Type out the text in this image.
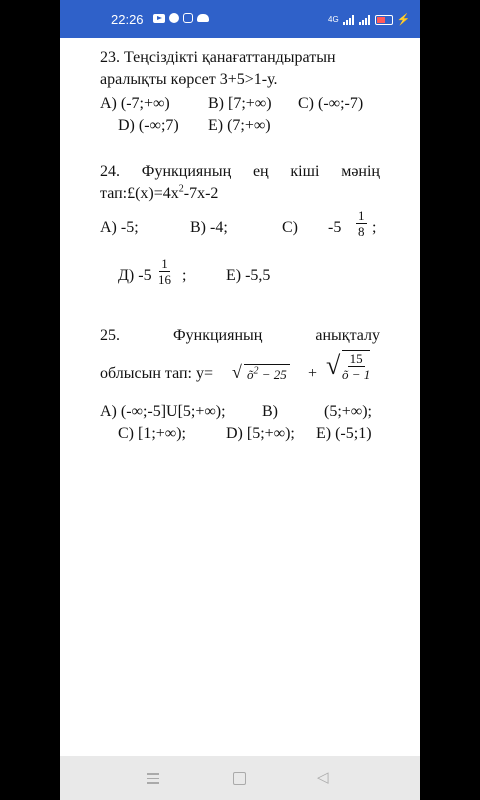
22:26	4G	⚡
23. Теңсіздікті қанағаттандыратын
аралықты көрсет 3+5>1-у.
А) (-7;+∞) В) [7;+∞) С) (-∞;-7)
D) (-∞;7) Е) (7;+∞)
24. Функцияның ең кіші мәнің
$тап:£(х)=4х^2-7х-2$
А) -5;	В) -4;	С) $-5 \frac{1}{8}$ ;
Д) $-5 \frac{1}{16}$ ; Е) -5,5
25.	Функцияның	анықталу
облысын тап: у= √ $õ^2 - 25$ + √ $\frac{15}{õ - 1}$
А) (-∞;-5]U[5;+∞); В)	(5;+∞);
С) [1;+∞);	D) [5;+∞); Е) (-5;1)
◁
